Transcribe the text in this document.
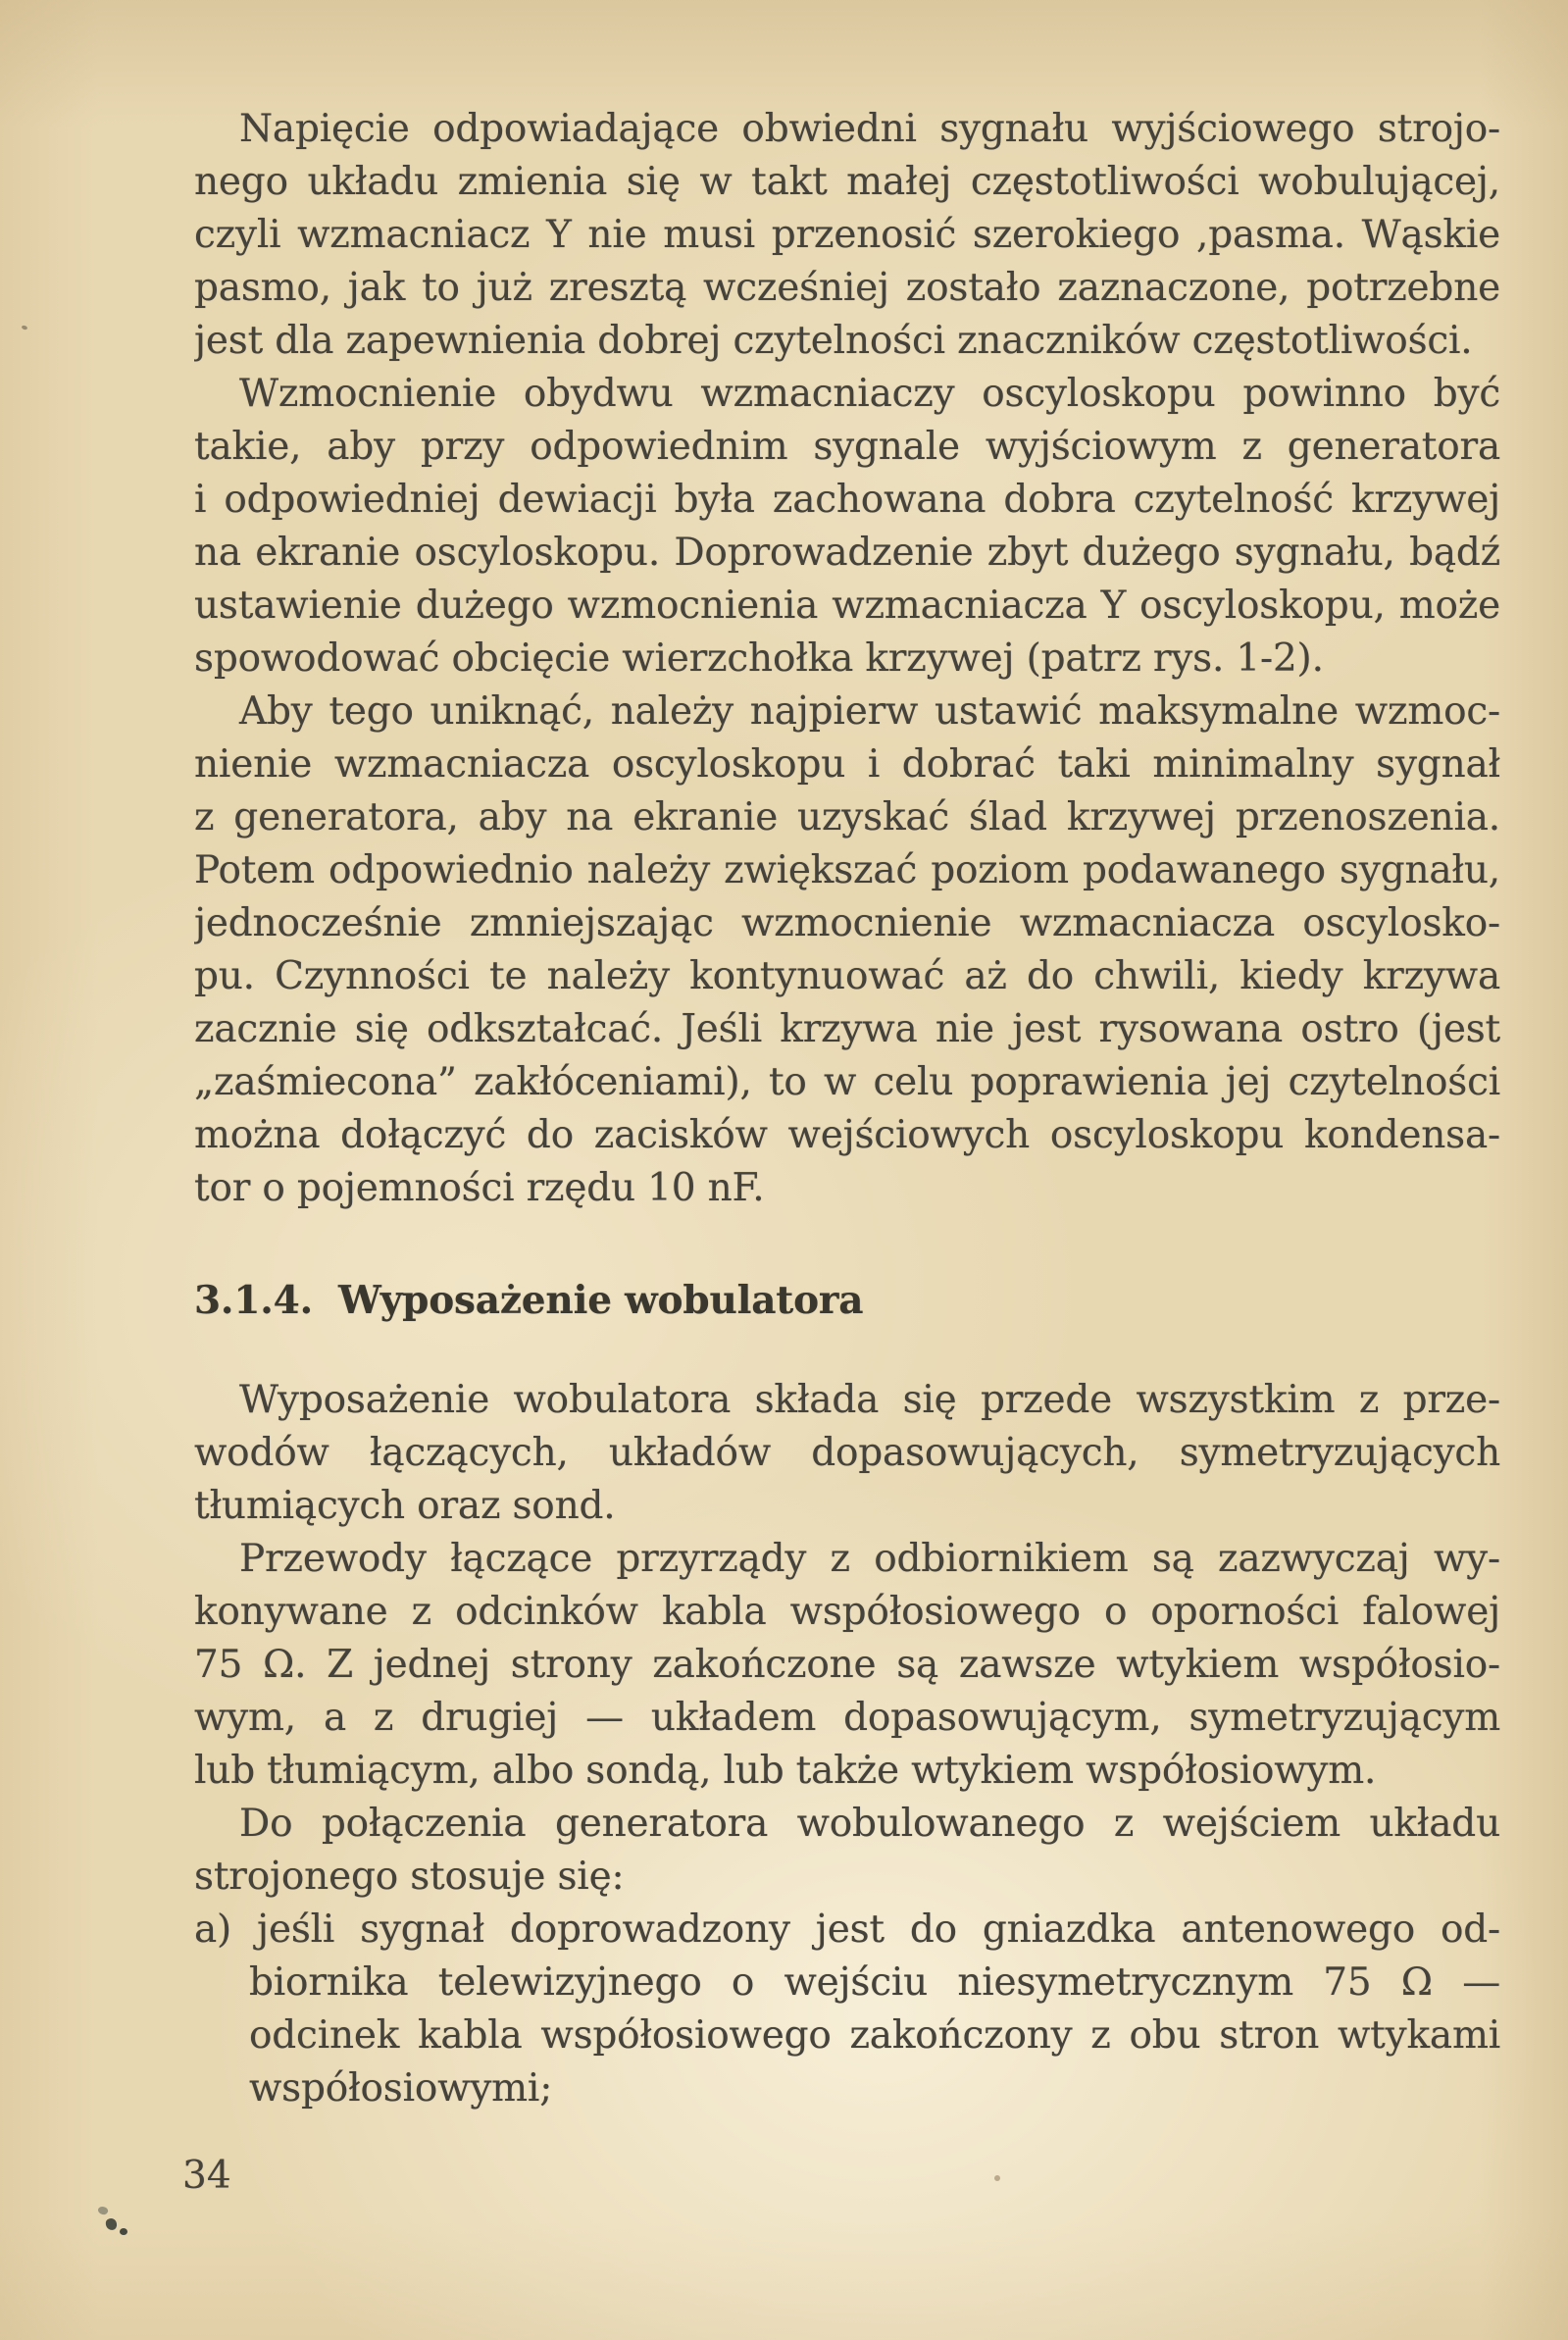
Napięcie odpowiadające obwiedni sygnału wyjściowego strojo-
nego układu zmienia się w takt małej częstotliwości wobulującej,
czyli wzmacniacz Y nie musi przenosić szerokiego ,pasma. Wąskie
pasmo, jak to już zresztą wcześniej zostało zaznaczone, potrzebne
jest dla zapewnienia dobrej czytelności znaczników częstotliwości.
Wzmocnienie obydwu wzmacniaczy oscyloskopu powinno być
takie, aby przy odpowiednim sygnale wyjściowym z generatora
i odpowiedniej dewiacji była zachowana dobra czytelność krzywej
na ekranie oscyloskopu. Doprowadzenie zbyt dużego sygnału, bądź
ustawienie dużego wzmocnienia wzmacniacza Y oscyloskopu, może
spowodować obcięcie wierzchołka krzywej (patrz rys. 1-2).
Aby tego uniknąć, należy najpierw ustawić maksymalne wzmoc-
nienie wzmacniacza oscyloskopu i dobrać taki minimalny sygnał
z generatora, aby na ekranie uzyskać ślad krzywej przenoszenia.
Potem odpowiednio należy zwiększać poziom podawanego sygnału,
jednocześnie zmniejszając wzmocnienie wzmacniacza oscylosko-
pu. Czynności te należy kontynuować aż do chwili, kiedy krzywa
zacznie się odkształcać. Jeśli krzywa nie jest rysowana ostro (jest
„zaśmiecona” zakłóceniami), to w celu poprawienia jej czytelności
można dołączyć do zacisków wejściowych oscyloskopu kondensa-
tor o pojemności rzędu 10 nF.
3.1.4. Wyposażenie wobulatora
Wyposażenie wobulatora składa się przede wszystkim z prze-
wodów łączących, układów dopasowujących, symetryzujących
tłumiących oraz sond.
Przewody łączące przyrządy z odbiornikiem są zazwyczaj wy-
konywane z odcinków kabla współosiowego o oporności falowej
75 Ω. Z jednej strony zakończone są zawsze wtykiem współosio-
wym, a z drugiej — układem dopasowującym, symetryzującym
lub tłumiącym, albo sondą, lub także wtykiem współosiowym.
Do połączenia generatora wobulowanego z wejściem układu
strojonego stosuje się:
a) jeśli sygnał doprowadzony jest do gniazdka antenowego od-
biornika telewizyjnego o wejściu niesymetrycznym 75 Ω —
odcinek kabla współosiowego zakończony z obu stron wtykami
współosiowymi;
34
